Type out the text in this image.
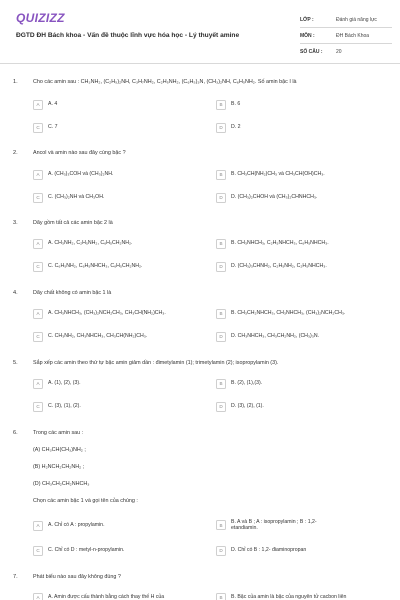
QUIZIZZ
ĐGTD ĐH Bách khoa - Vấn đề thuộc lĩnh vực hóa học - Lý thuyết amine
LỚP :	Đánh giá năng lực
MÔN :	ĐH Bách Khoa
SỐ CÂU :	20
1.	Cho các amin sau : CH₃NH₂, (C₂H₅)₂NH, C₃H₇NH₂, C₂H₅NH₂, (C₆H₅)₃N, (CH₃)₂NH, C₆H₅NH₂. Số amin bậc I là
A	A. 4	B	B. 6
C	C. 7	D	D. 2
2.	Ancol và amin nào sau đây cùng bậc ?
A	A. (CH₃)₃COH và (CH₃)₂NH.	B	B. CH₃CH(NH₂)CH₃ và CH₃CH(OH)CH₃.
C	C. (CH₃)₂NH và CH₃OH.	D	D. (CH₃)₂CHOH và (CH₃)₂CHNHCH₃.
3.	Dãy gồm tất cả các amin bậc 2 là
A	A. CH₃NH₂, C₂H₅NH₂, C₆H₅CH₂NH₂.	B	B. CH₃NHCH₃, C₂H₅NHCH₃, C₆H₅NHCH₃.
C	C. C₆H₅NH₂, C₆H₅NHCH₃, C₆H₅CH₂NH₂.	D	D. (CH₃)₃CHNH₂, C₂H₅NH₂, C₂H₅NHCH₃.
4.	Dãy chất không có amin bậc 1 là
A	A. CH₃NHCH₃, (CH₃)₂NCH₂CH₃, CH₃CH(NH₂)CH₃.	B	B. CH₃CH₂NHCH₃, CH₃NHCH₃, (CH₃)₂NCH₂CH₃.
C	C. CH₃NH₂, CH₃NHCH₃, CH₃CH(NH₂)CH₃.	D	D. CH₃NHCH₃, CH₃CH₂NH₂, (CH₃)₃N.
5.	Sắp xếp các amin theo thứ tự bậc amin giảm dần : đimetylamin (1); trimetylamin (2); isopropylamin (3).
A	A. (1), (2), (3).	B	B. (2), (1),(3).
C	C. (3), (1), (2).	D	D. (3), (2), (1).
6.	Trong các amin sau :
(A) CH₃CH(CH₃)NH₂ ;
(B) H₂NCH₂CH₂NH₂ ;
(D) CH₃CH₂CH₂NHCH₃
Chọn các amin bậc 1 và gọi tên của chúng :
A	A. Chỉ có A : propylamin.	B
B. A và B ; A : isopropylamin ; B : 1,2-
etandiamin.
C	C. Chỉ có D : metyl-n-propylamin.	D	D. Chỉ có B : 1,2- điaminopropan
7.	Phát biểu nào sau đây không đúng ?
A	A. Amin được cấu thành bằng cách thay thế H của	B	B. Bậc của amin là bậc của nguyên tử cacbon liên
